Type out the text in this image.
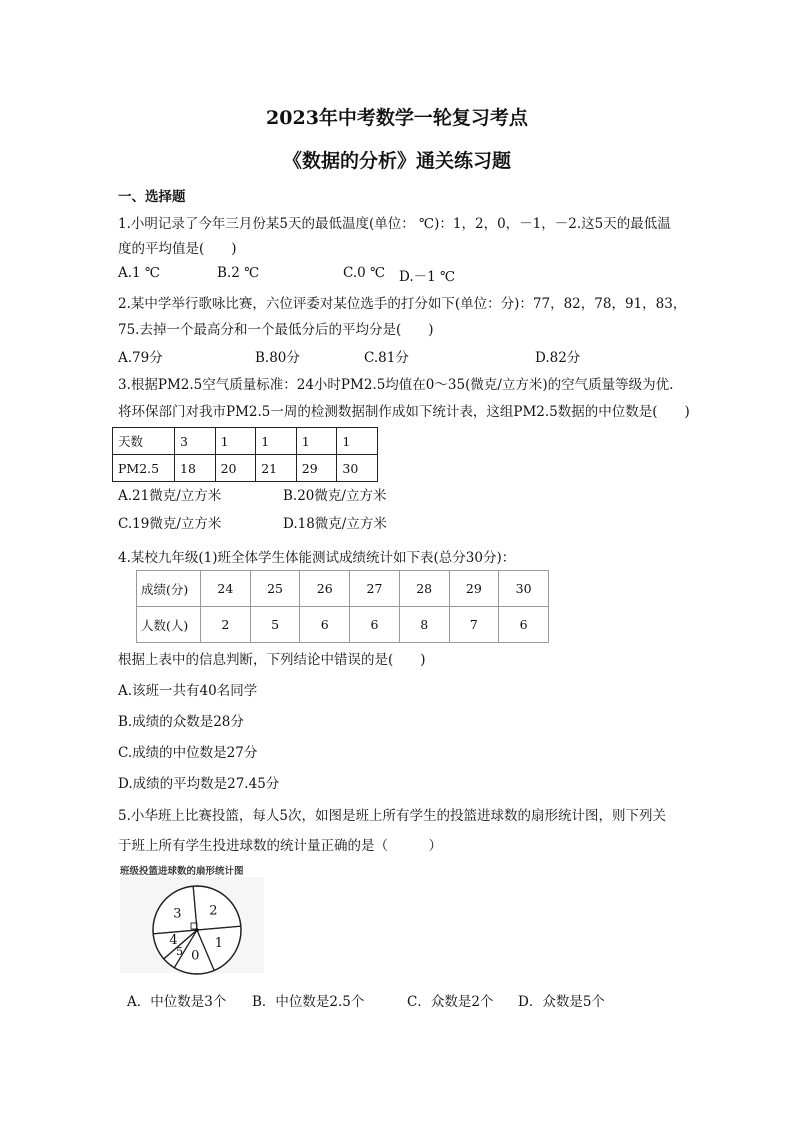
2023年中考数学一轮复习考点
《数据的分析》通关练习题
一、选择题
1.小明记录了今年三月份某5天的最低温度(单位： ℃)：1，2，0，－1，－2.这5天的最低温
度的平均值是(　　)
A.1 ℃	B.2 ℃	C.0 ℃ D.－1 ℃
2.某中学举行歌咏比赛，六位评委对某位选手的打分如下(单位：分)：77，82，78，91，83，
75.去掉一个最高分和一个最低分后的平均分是(　　)
A.79分	B.80分	C.81分	D.82分
3.根据PM2.5空气质量标准：24小时PM2.5均值在0～35(微克/立方米)的空气质量等级为优.
将环保部门对我市PM2.5一周的检测数据制作成如下统计表，这组PM2.5数据的中位数是(　　)
天数	3	1	1	1	1
PM2.5	18	20	21	29	30
A.21微克/立方米	B.20微克/立方米
C.19微克/立方米	D.18微克/立方米
4.某校九年级(1)班全体学生体能测试成绩统计如下表(总分30分)：
成绩(分)	24	25	26	27	28	29	30
人数(人)	2	5	6	6	8	7	6
根据上表中的信息判断，下列结论中错误的是(　　)
A.该班一共有40名同学
B.成绩的众数是28分
C.成绩的中位数是27分
D.成绩的平均数是27.45分
5.小华班上比赛投篮，每人5次，如图是班上所有学生的投篮进球数的扇形统计图，则下列关
于班上所有学生投进球数的统计量正确的是（　　　）
班级投篮进球数的扇形统计图
2
1
0
5
4
3
A．中位数是3个 B．中位数是2.5个	C．众数是2个 D．众数是5个
